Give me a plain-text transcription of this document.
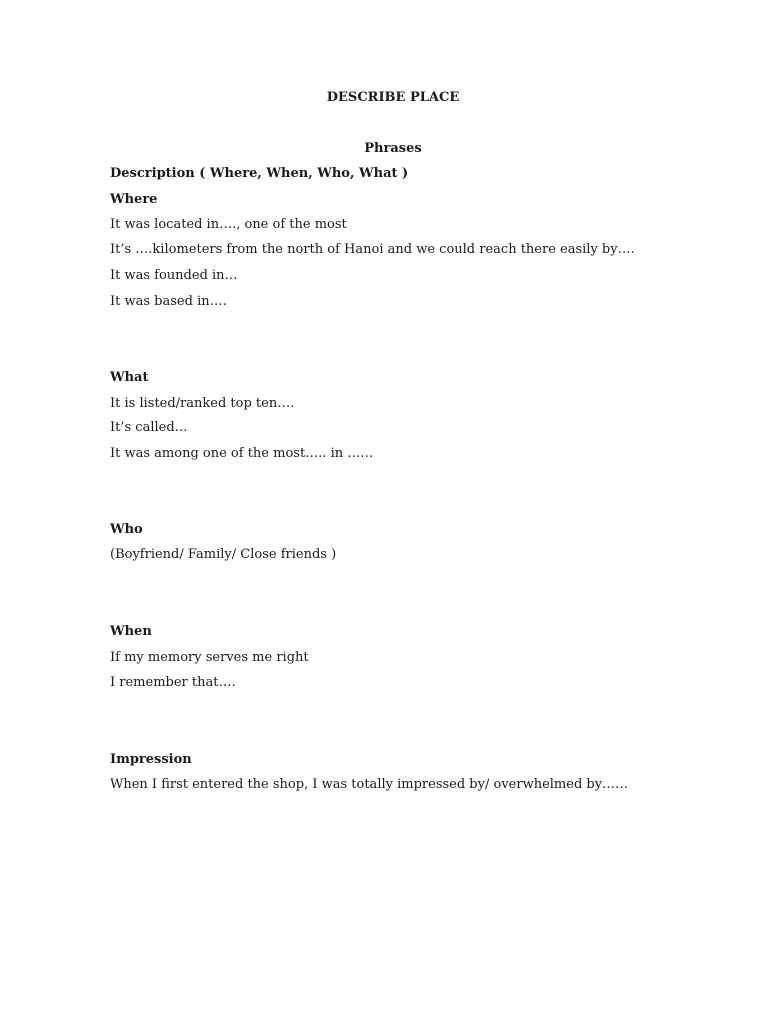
DESCRIBE PLACE
Phrases
Description ( Where, When, Who, What )
Where
It was located in…., one of the most
It’s ….kilometers from the north of Hanoi and we could reach there easily by….
It was founded in…
It was based in….
What
It is listed/ranked top ten….
It’s called…
It was among one of the most….. in ……
Who
(Boyfriend/ Family/ Close friends )
When
If my memory serves me right
I remember that….
Impression
When I first entered the shop, I was totally impressed by/ overwhelmed by……
